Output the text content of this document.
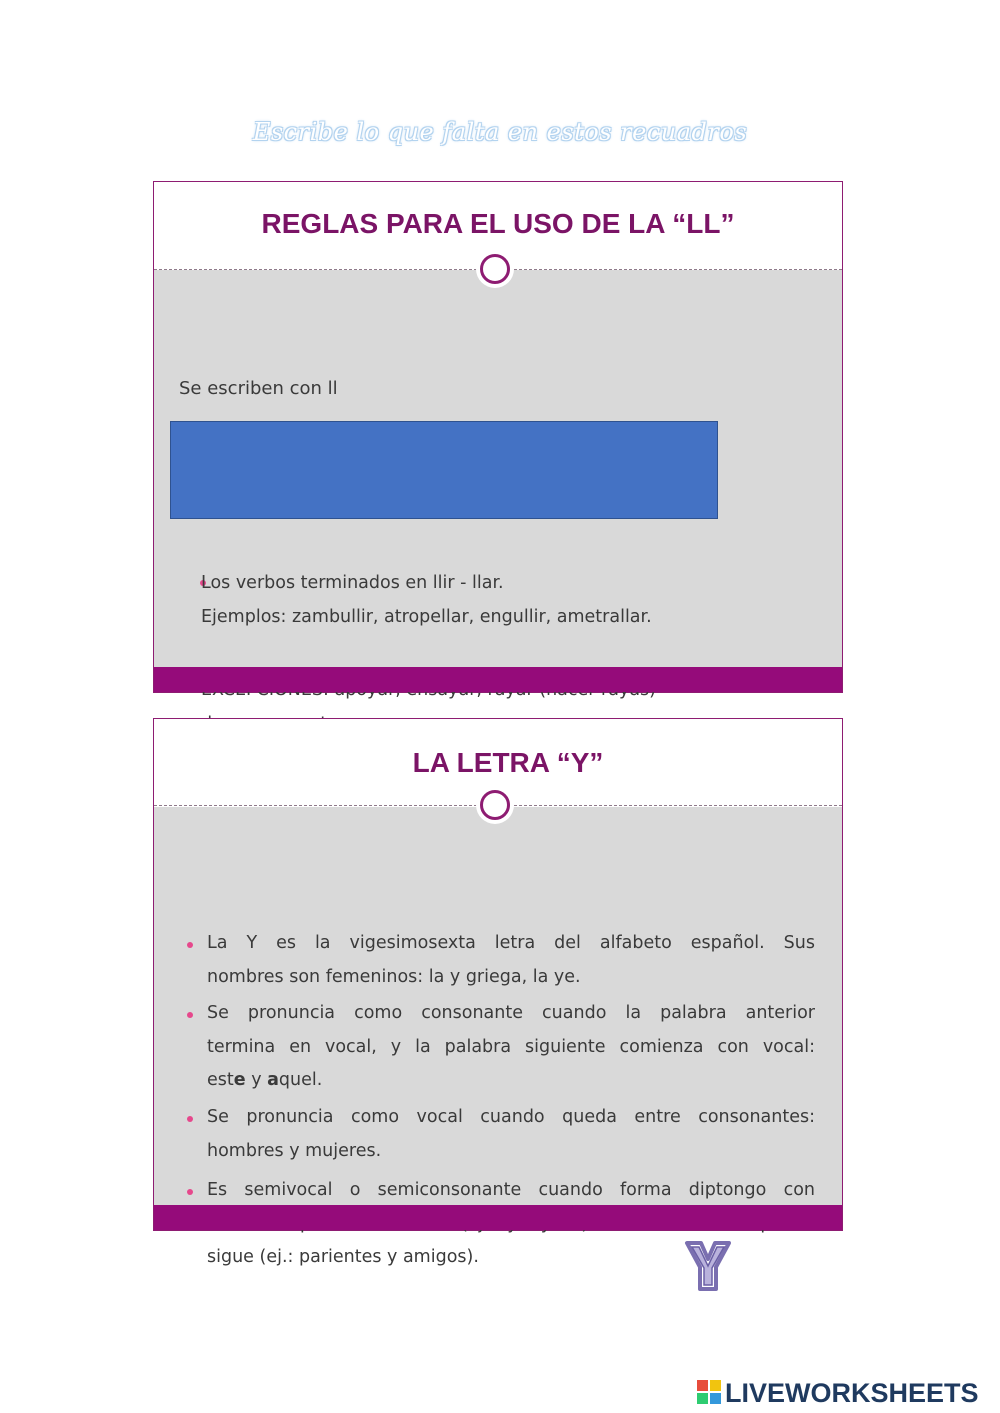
Escribe lo que falta en estos recuadros
REGLAS PARA EL USO DE LA “LL”
Se escriben con ll
Los verbos terminados en llir - llar.
Ejemplos: zambullir, atropellar, engullir, ametrallar.
LA LETRA “Y”
La Y es la vigesimosexta letra del alfabeto español. Sus
nombres son femeninos: la y griega, la ye.
Se pronuncia como consonante cuando la palabra anterior
termina en vocal, y la palabra siguiente comienza con vocal:
este y aquel.
Se pronuncia como vocal cuando queda entre consonantes:
hombres y mujeres.
Es semivocal o semiconsonante cuando forma diptongo con
sigue (ej.: parientes y amigos).
LIVEWORKSHEETS
